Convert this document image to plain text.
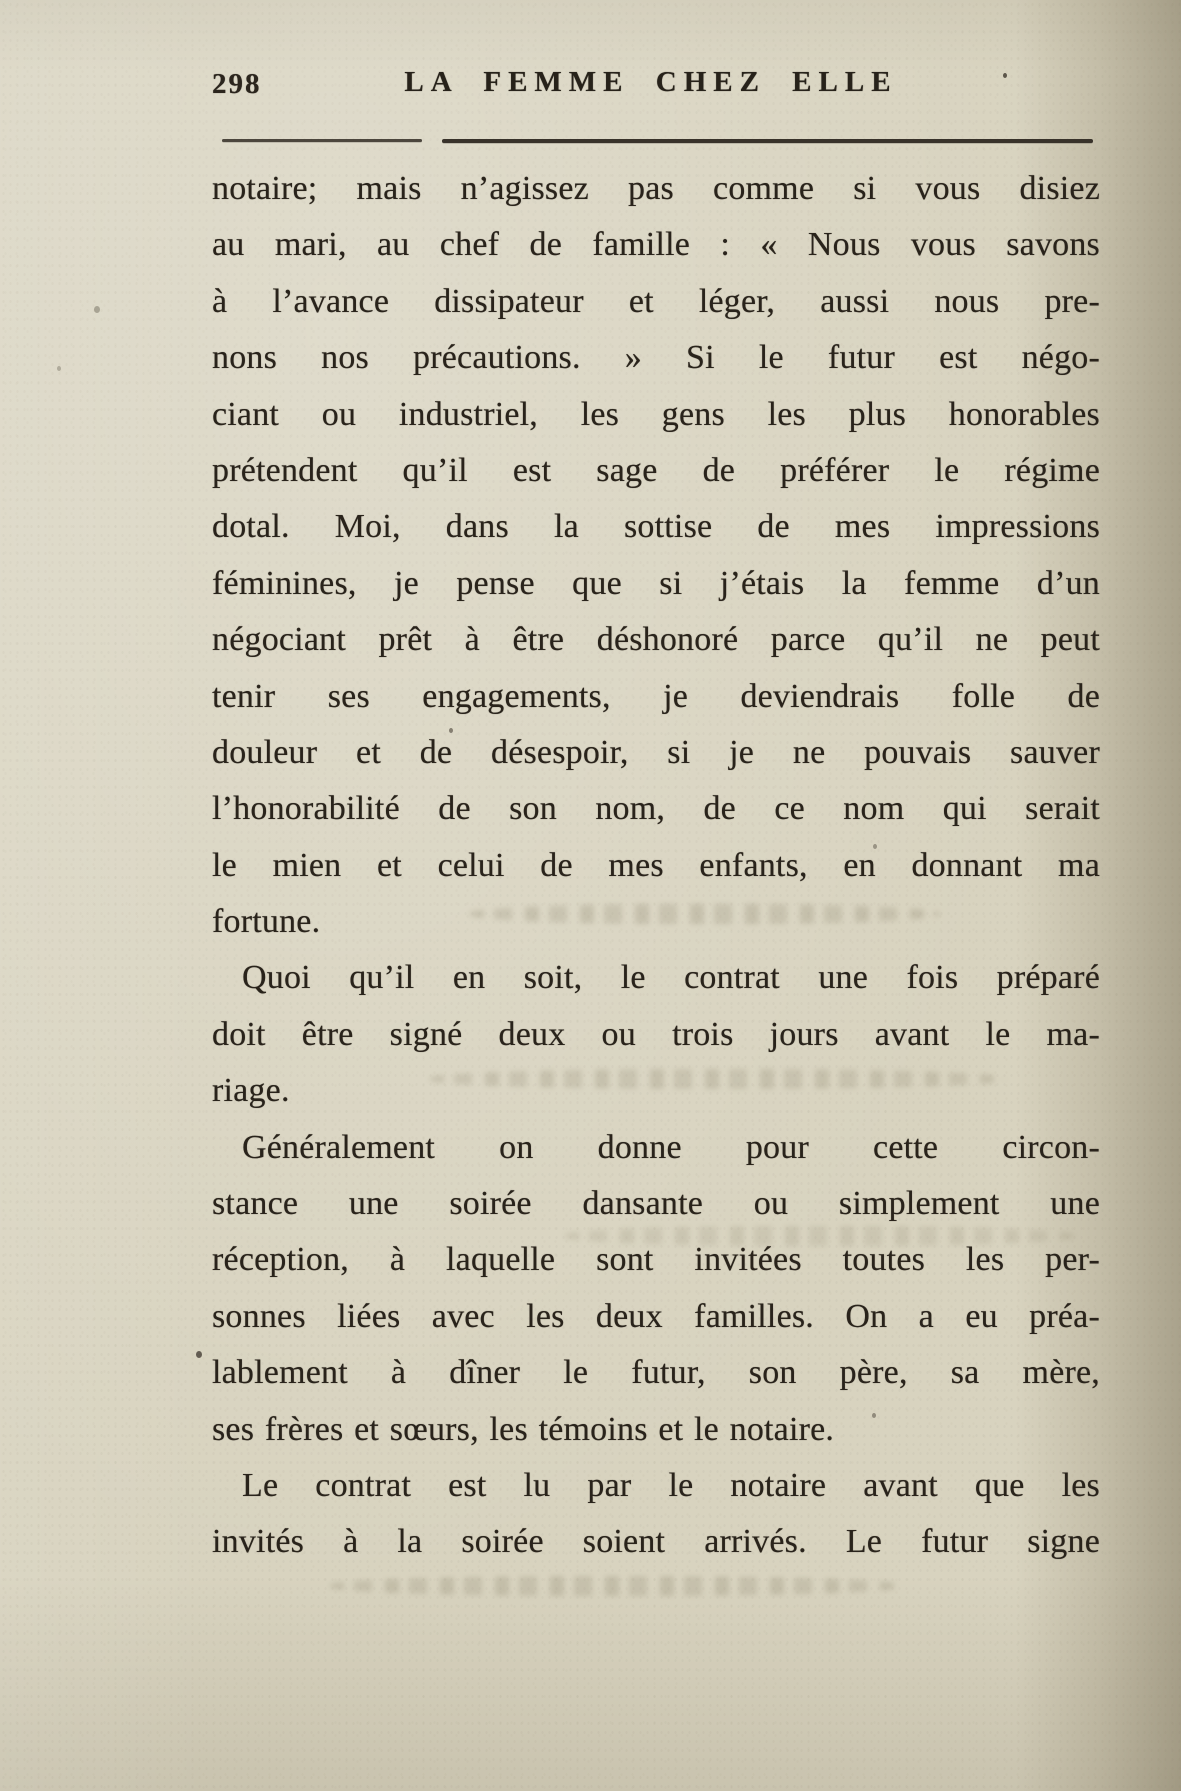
298	LA FEMME CHEZ ELLE
notaire; mais n’agissez pas comme si vous disiez
au mari, au chef de famille : « Nous vous savons
à l’avance dissipateur et léger, aussi nous pre-
nons nos précautions. » Si le futur est négo-
ciant ou industriel, les gens les plus honorables
prétendent qu’il est sage de préférer le régime
dotal. Moi, dans la sottise de mes impressions
féminines, je pense que si j’étais la femme d’un
négociant prêt à être déshonoré parce qu’il ne peut
tenir ses engagements, je deviendrais folle de
douleur et de désespoir, si je ne pouvais sauver
l’honorabilité de son nom, de ce nom qui serait
le mien et celui de mes enfants, en donnant ma
fortune.
Quoi qu’il en soit, le contrat une fois préparé
doit être signé deux ou trois jours avant le ma-
riage.
Généralement on donne pour cette circon-
stance une soirée dansante ou simplement une
réception, à laquelle sont invitées toutes les per-
sonnes liées avec les deux familles. On a eu préa-
lablement à dîner le futur, son père, sa mère,
ses frères et sœurs, les témoins et le notaire.
Le contrat est lu par le notaire avant que les
invités à la soirée soient arrivés. Le futur signe
